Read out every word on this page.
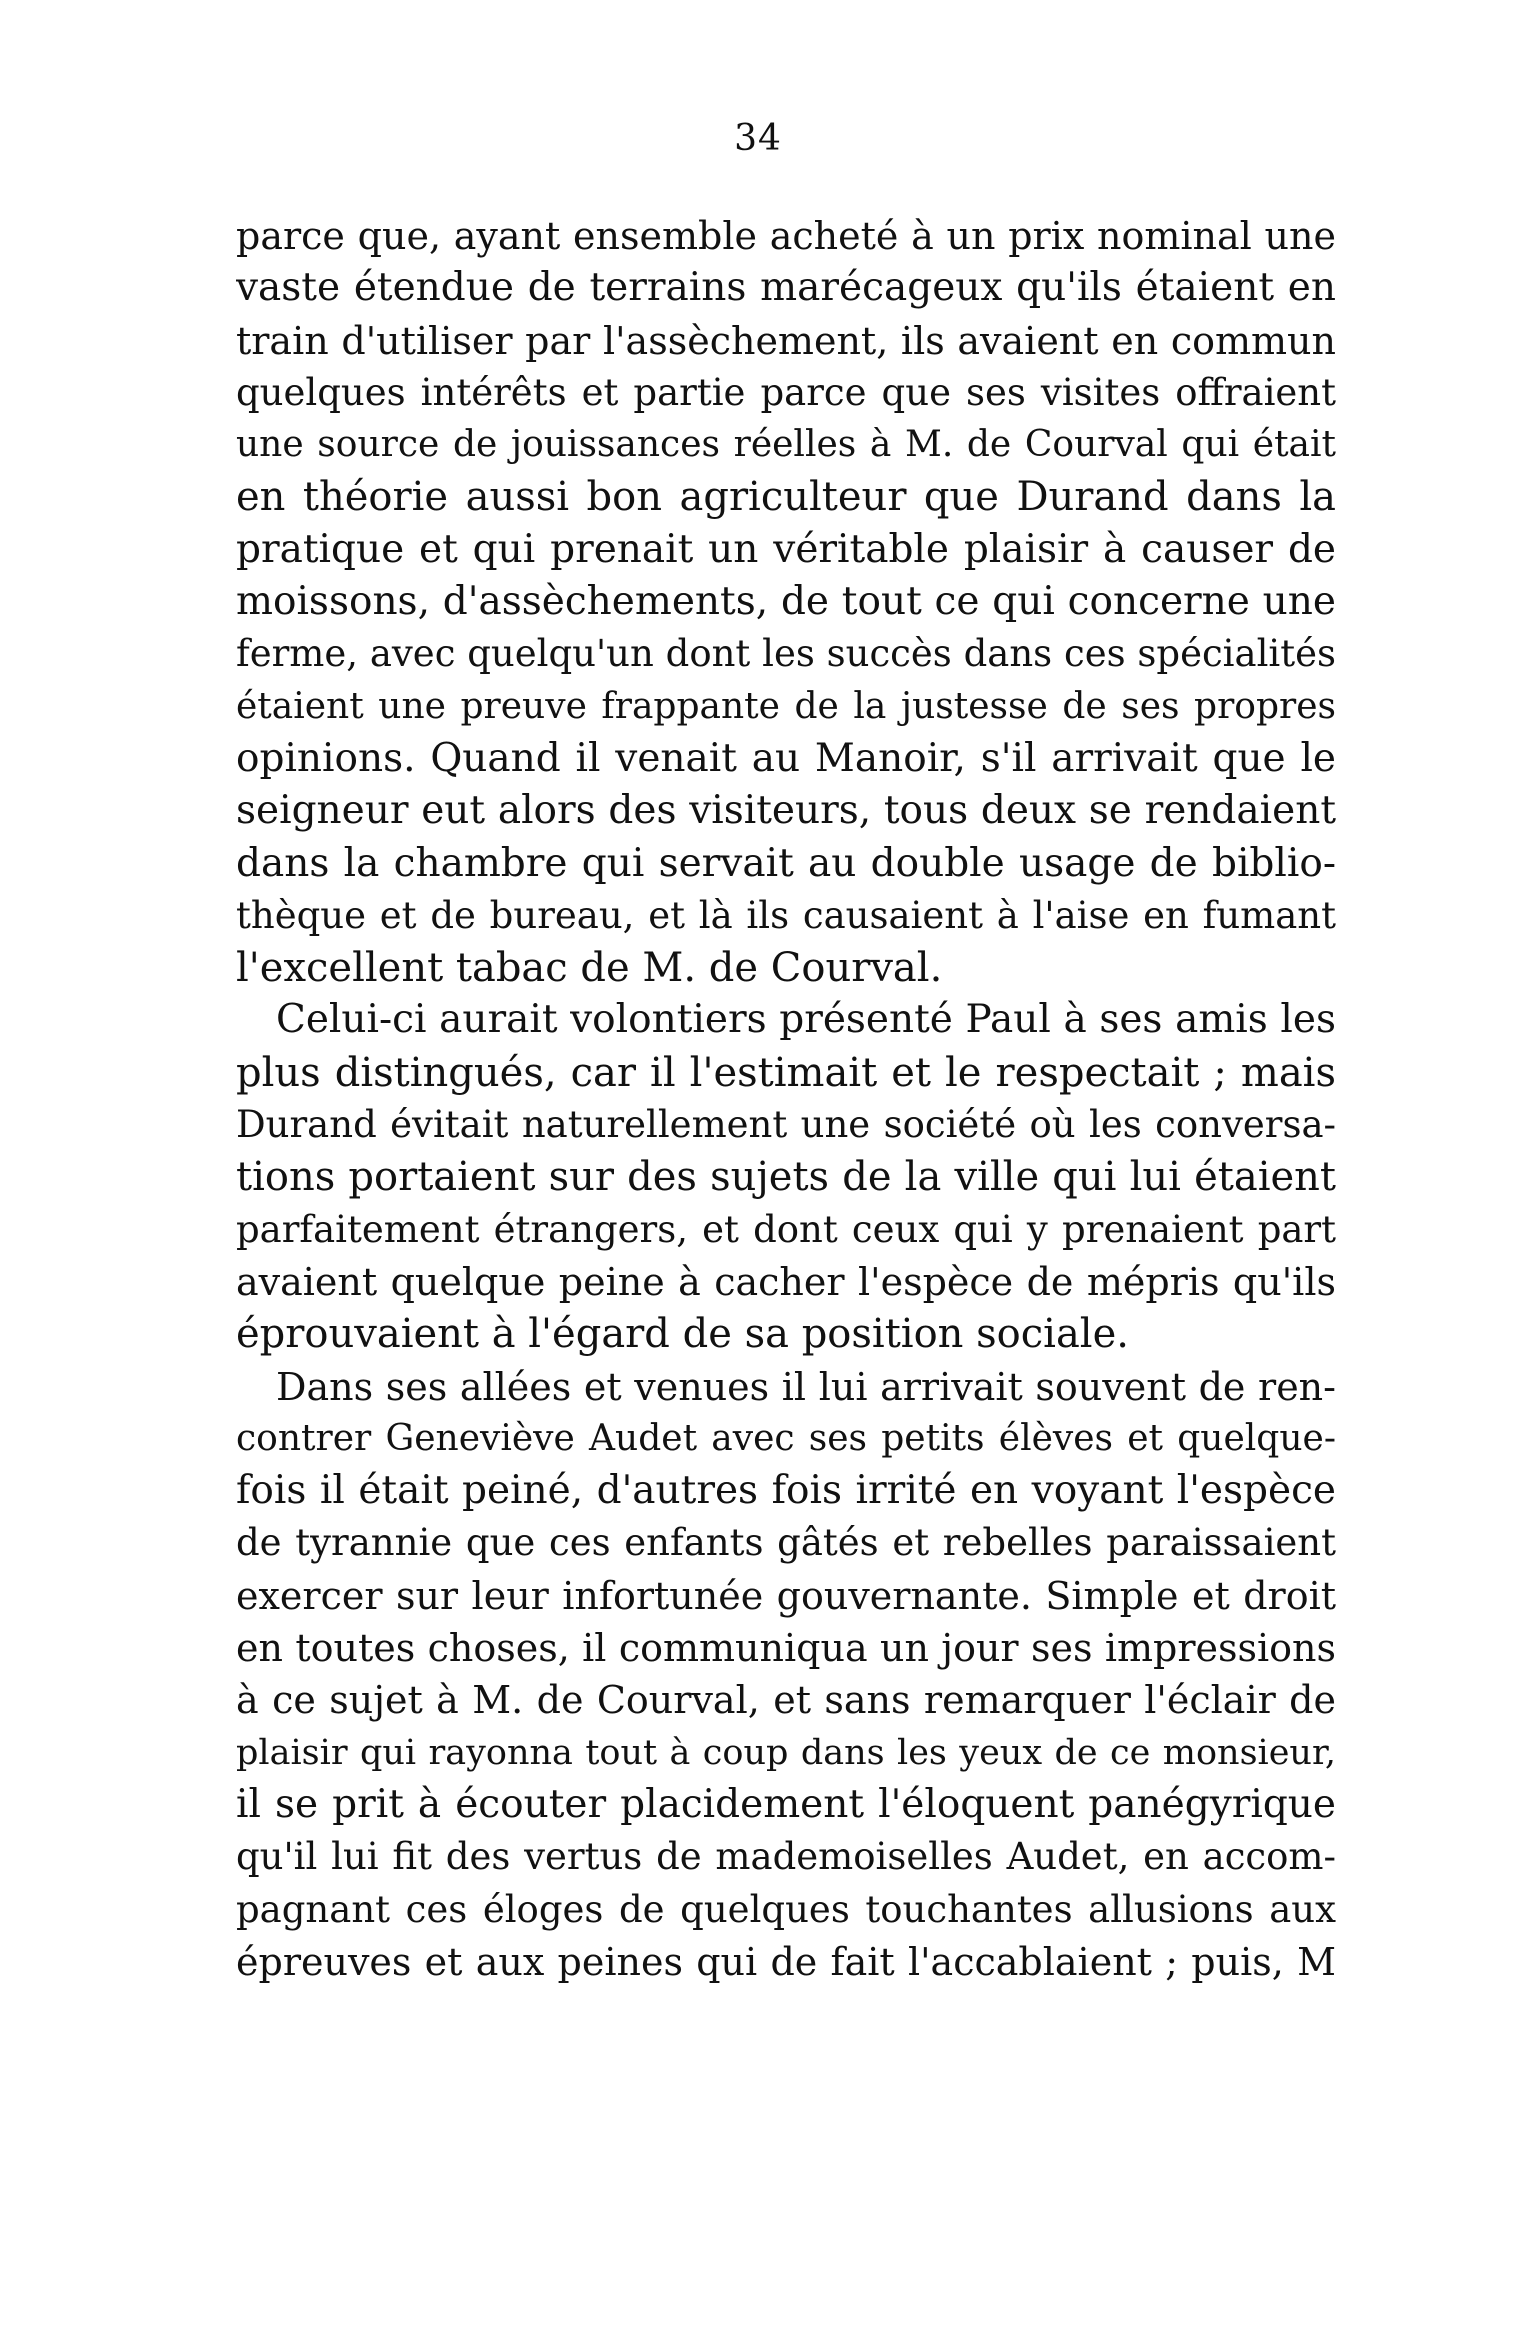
34
parce que, ayant ensemble acheté à un prix nominal une
vaste étendue de terrains marécageux qu'ils étaient en
train d'utiliser par l'assèchement, ils avaient en commun
quelques intérêts et partie parce que ses visites offraient
une source de jouissances réelles à M. de Courval qui était
en théorie aussi bon agriculteur que Durand dans la
pratique et qui prenait un véritable plaisir à causer de
moissons, d'assèchements, de tout ce qui concerne une
ferme, avec quelqu'un dont les succès dans ces spécialités
étaient une preuve frappante de la justesse de ses propres
opinions. Quand il venait au Manoir, s'il arrivait que le
seigneur eut alors des visiteurs, tous deux se rendaient
dans la chambre qui servait au double usage de biblio-
thèque et de bureau, et là ils causaient à l'aise en fumant
l'excellent tabac de M. de Courval.
Celui-ci aurait volontiers présenté Paul à ses amis les
plus distingués, car il l'estimait et le respectait ; mais
Durand évitait naturellement une société où les conversa-
tions portaient sur des sujets de la ville qui lui étaient
parfaitement étrangers, et dont ceux qui y prenaient part
avaient quelque peine à cacher l'espèce de mépris qu'ils
éprouvaient à l'égard de sa position sociale.
Dans ses allées et venues il lui arrivait souvent de ren-
contrer Geneviève Audet avec ses petits élèves et quelque-
fois il était peiné, d'autres fois irrité en voyant l'espèce
de tyrannie que ces enfants gâtés et rebelles paraissaient
exercer sur leur infortunée gouvernante. Simple et droit
en toutes choses, il communiqua un jour ses impressions
à ce sujet à M. de Courval, et sans remarquer l'éclair de
plaisir qui rayonna tout à coup dans les yeux de ce monsieur,
il se prit à écouter placidement l'éloquent panégyrique
qu'il lui fit des vertus de mademoiselles Audet, en accom-
pagnant ces éloges de quelques touchantes allusions aux
épreuves et aux peines qui de fait l'accablaient ; puis, M
